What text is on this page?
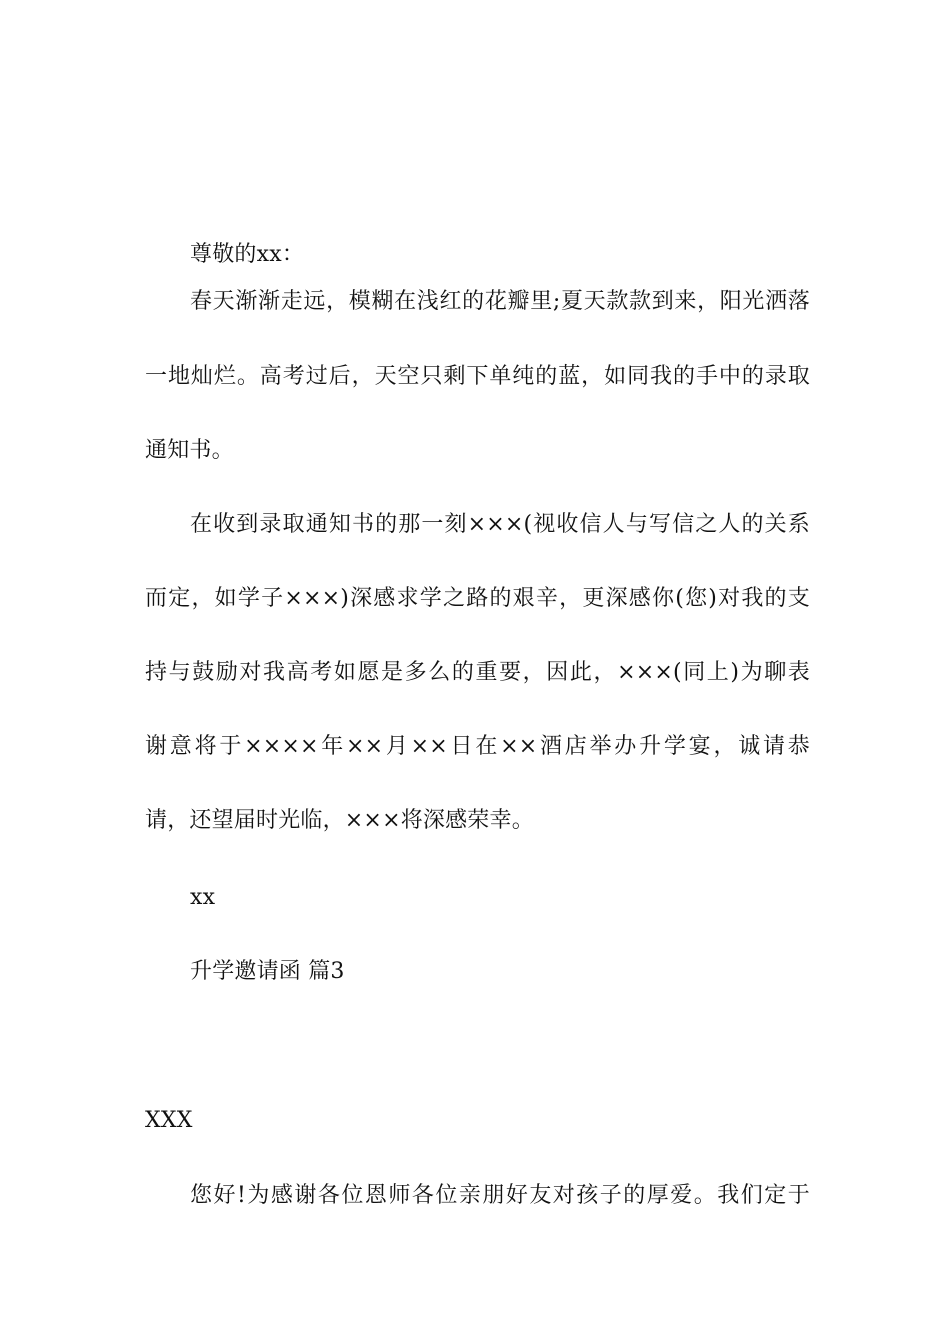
尊敬的xx：
春天渐渐走远，模糊在浅红的花瓣里;夏天款款到来，阳光洒落
一地灿烂。高考过后，天空只剩下单纯的蓝，如同我的手中的录取
通知书。
在收到录取通知书的那一刻×××(视收信人与写信之人的关系
而定，如学子×××)深感求学之路的艰辛，更深感你(您)对我的支
持与鼓励对我高考如愿是多么的重要，因此，×××(同上)为聊表
谢意将于××××年××月××日在××酒店举办升学宴，诚请恭
请，还望届时光临，×××将深感荣幸。
xx
升学邀请函 篇3
XXX
您好!为感谢各位恩师各位亲朋好友对孩子的厚爱。我们定于
